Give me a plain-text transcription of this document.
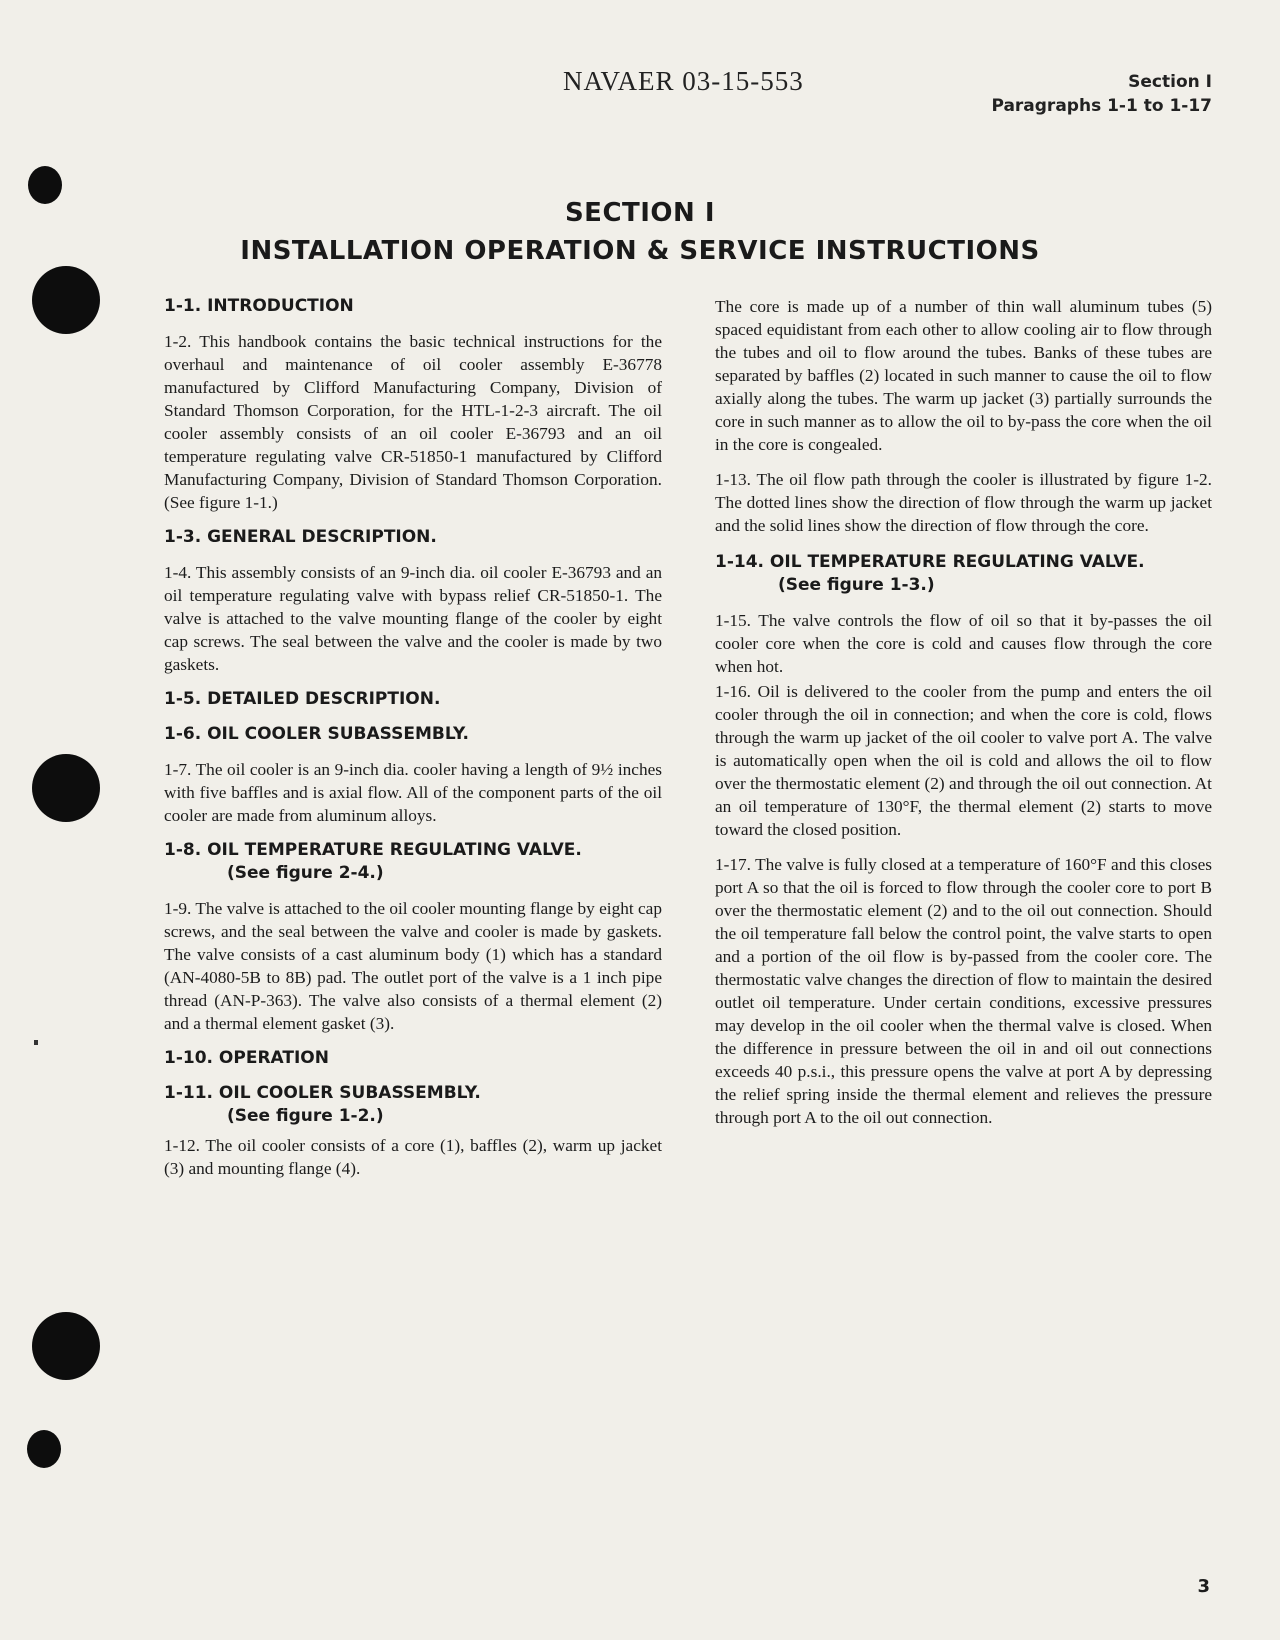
NAVAER 03-15-553	Section I
Paragraphs 1-1 to 1-17
SECTION I
INSTALLATION OPERATION & SERVICE INSTRUCTIONS
1-1. INTRODUCTION

1-2. This handbook contains the basic technical instructions for the overhaul and maintenance of oil cooler assembly E-36778 manufactured by Clifford Manufacturing Company, Division of Standard Thomson Corporation, for the HTL-1-2-3 aircraft. The oil cooler assembly consists of an oil cooler E-36793 and an oil temperature regulating valve CR-51850-1 manufactured by Clifford Manufacturing Company, Division of Standard Thomson Corporation. (See figure 1-1.)

1-3. GENERAL DESCRIPTION.

1-4. This assembly consists of an 9-inch dia. oil cooler E-36793 and an oil temperature regulating valve with bypass relief CR-51850-1. The valve is attached to the valve mounting flange of the cooler by eight cap screws. The seal between the valve and the cooler is made by two gaskets.

1-5. DETAILED DESCRIPTION.
1-6. OIL COOLER SUBASSEMBLY.

1-7. The oil cooler is an 9-inch dia. cooler having a length of 9½ inches with five baffles and is axial flow. All of the component parts of the oil cooler are made from aluminum alloys.

1-8. OIL TEMPERATURE REGULATING VALVE.
(See figure 2-4.)

1-9. The valve is attached to the oil cooler mounting flange by eight cap screws, and the seal between the valve and cooler is made by gaskets. The valve consists of a cast aluminum body (1) which has a standard (AN-4080-5B to 8B) pad. The outlet port of the valve is a 1 inch pipe thread (AN-P-363). The valve also consists of a thermal element (2) and a thermal element gasket (3).

1-10. OPERATION
1-11. OIL COOLER SUBASSEMBLY.
(See figure 1-2.)

1-12. The oil cooler consists of a core (1), baffles (2), warm up jacket (3) and mounting flange (4).

The core is made up of a number of thin wall aluminum tubes (5) spaced equidistant from each other to allow cooling air to flow through the tubes and oil to flow around the tubes. Banks of these tubes are separated by baffles (2) located in such manner to cause the oil to flow axially along the tubes. The warm up jacket (3) partially surrounds the core in such manner as to allow the oil to by-pass the core when the oil in the core is congealed.

1-13. The oil flow path through the cooler is illustrated by figure 1-2. The dotted lines show the direction of flow through the warm up jacket and the solid lines show the direction of flow through the core.

1-14. OIL TEMPERATURE REGULATING VALVE.
(See figure 1-3.)

1-15. The valve controls the flow of oil so that it by-passes the oil cooler core when the core is cold and causes flow through the core when hot.

1-16. Oil is delivered to the cooler from the pump and enters the oil cooler through the oil in connection; and when the core is cold, flows through the warm up jacket of the oil cooler to valve port A. The valve is automatically open when the oil is cold and allows the oil to flow over the thermostatic element (2) and through the oil out connection. At an oil temperature of 130°F, the thermal element (2) starts to move toward the closed position.

1-17. The valve is fully closed at a temperature of 160°F and this closes port A so that the oil is forced to flow through the cooler core to port B over the thermostatic element (2) and to the oil out connection. Should the oil temperature fall below the control point, the valve starts to open and a portion of the oil flow is by-passed from the cooler core. The thermostatic valve changes the direction of flow to maintain the desired outlet oil temperature. Under certain conditions, excessive pressures may develop in the oil cooler when the thermal valve is closed. When the difference in pressure between the oil in and oil out connections exceeds 40 p.s.i., this pressure opens the valve at port A by depressing the relief spring inside the thermal element and relieves the pressure through port A to the oil out connection.

3
